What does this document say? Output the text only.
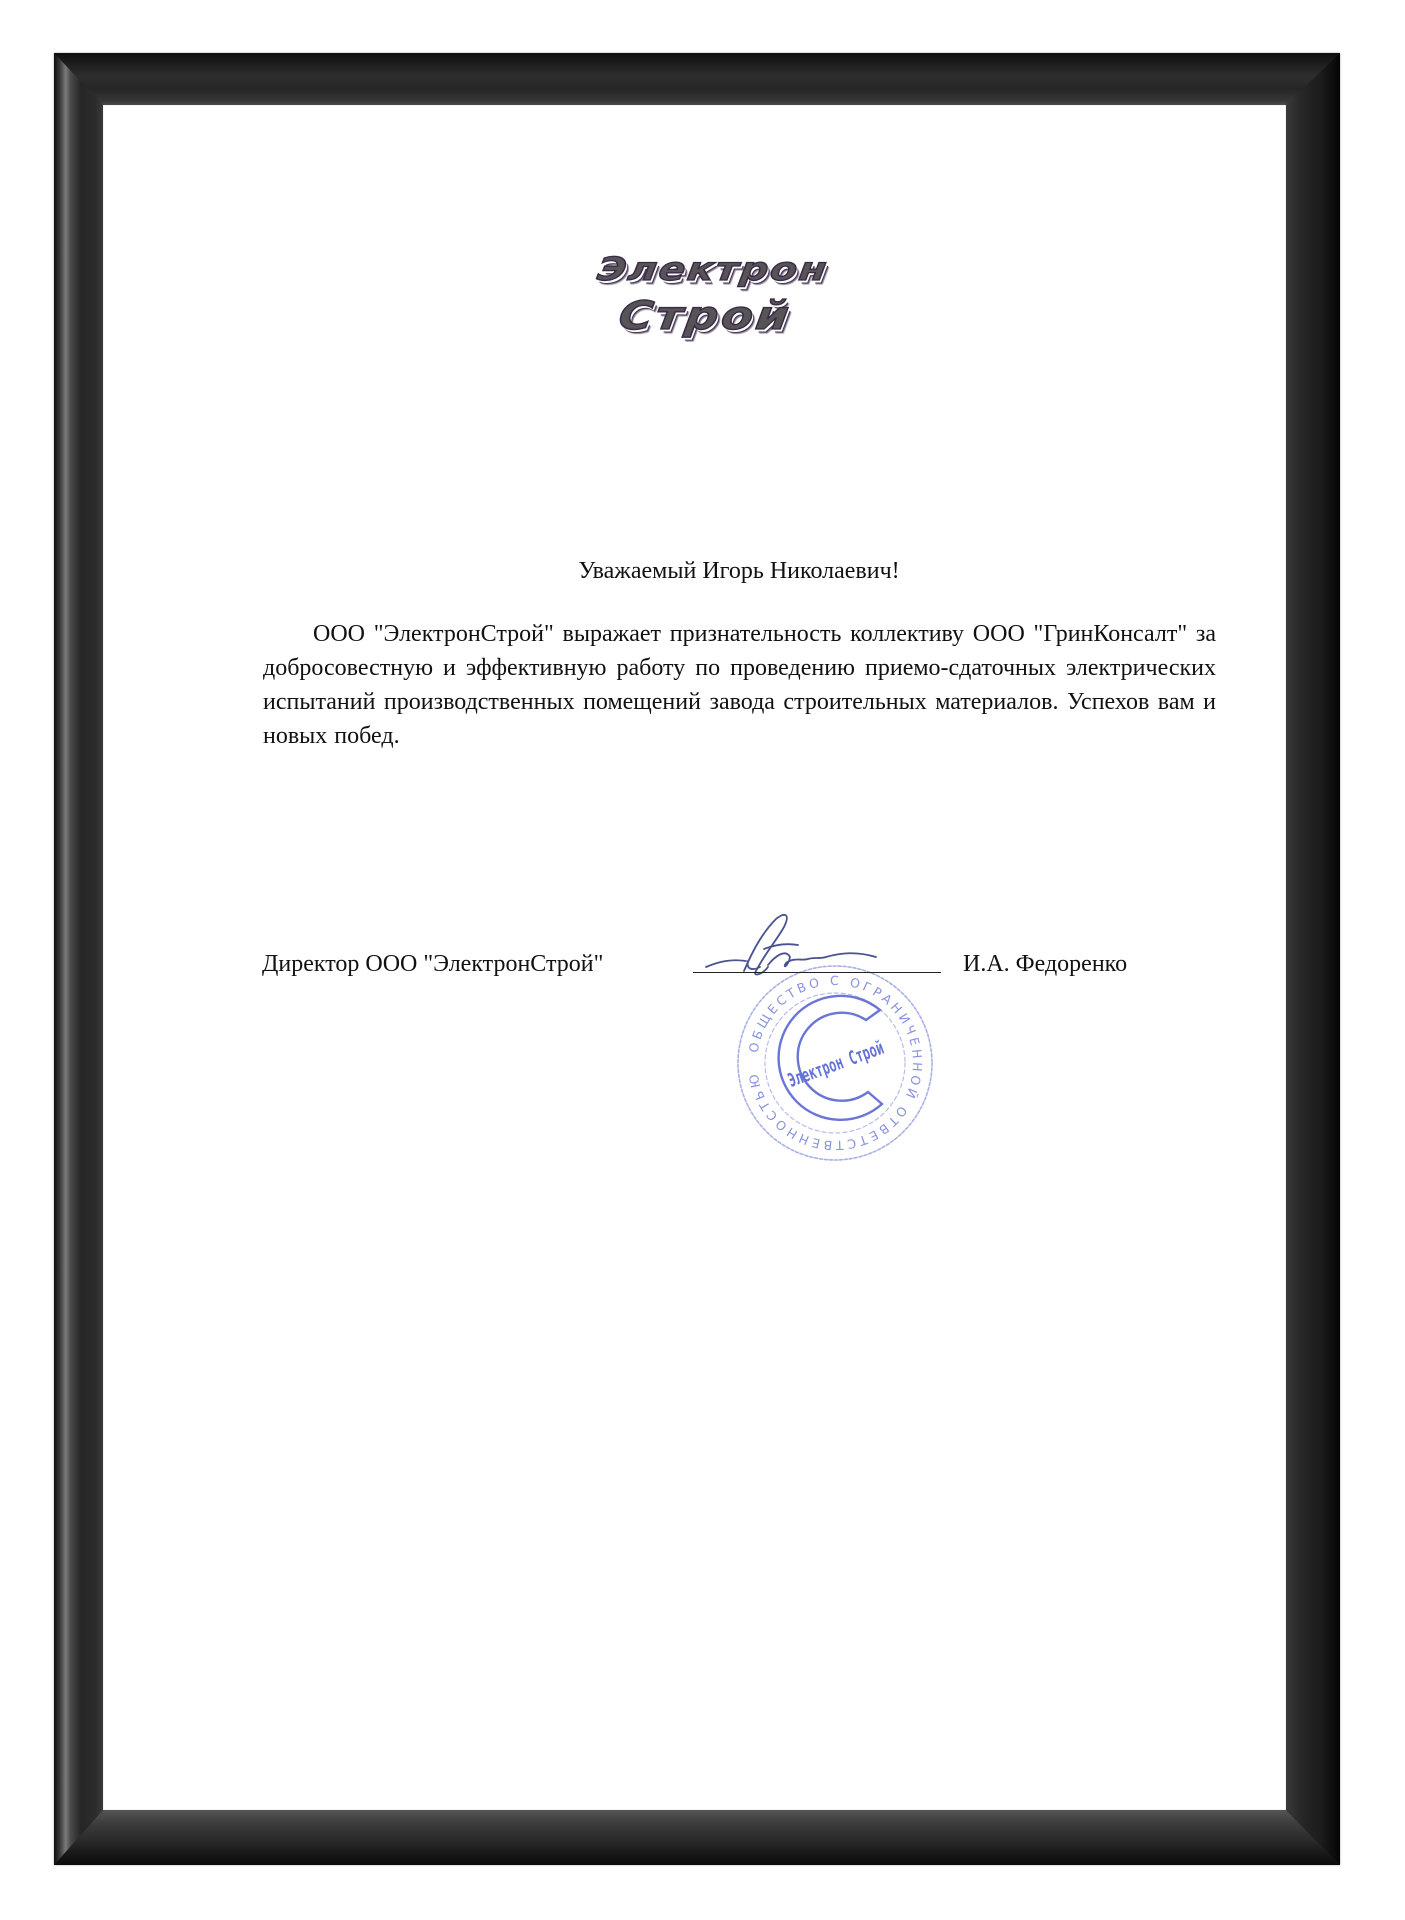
Электрон
Строй
Уважаемый Игорь Николаевич!

ООО "ЭлектронСтрой" выражает признательность коллективу ООО "ГринКонсалт" за добросовестную и эффективную работу по проведению приемо-сдаточных электрических испытаний производственных помещений завода строительных материалов. Успехов вам и новых побед.

ОБЩЕСТВО С ОГРАНИЧЕННОЙ ОТВЕТСТВЕННОСТЬЮ	Электрон Строй
Директор ООО "ЭлектронСтрой"	И.А. Федоренко
